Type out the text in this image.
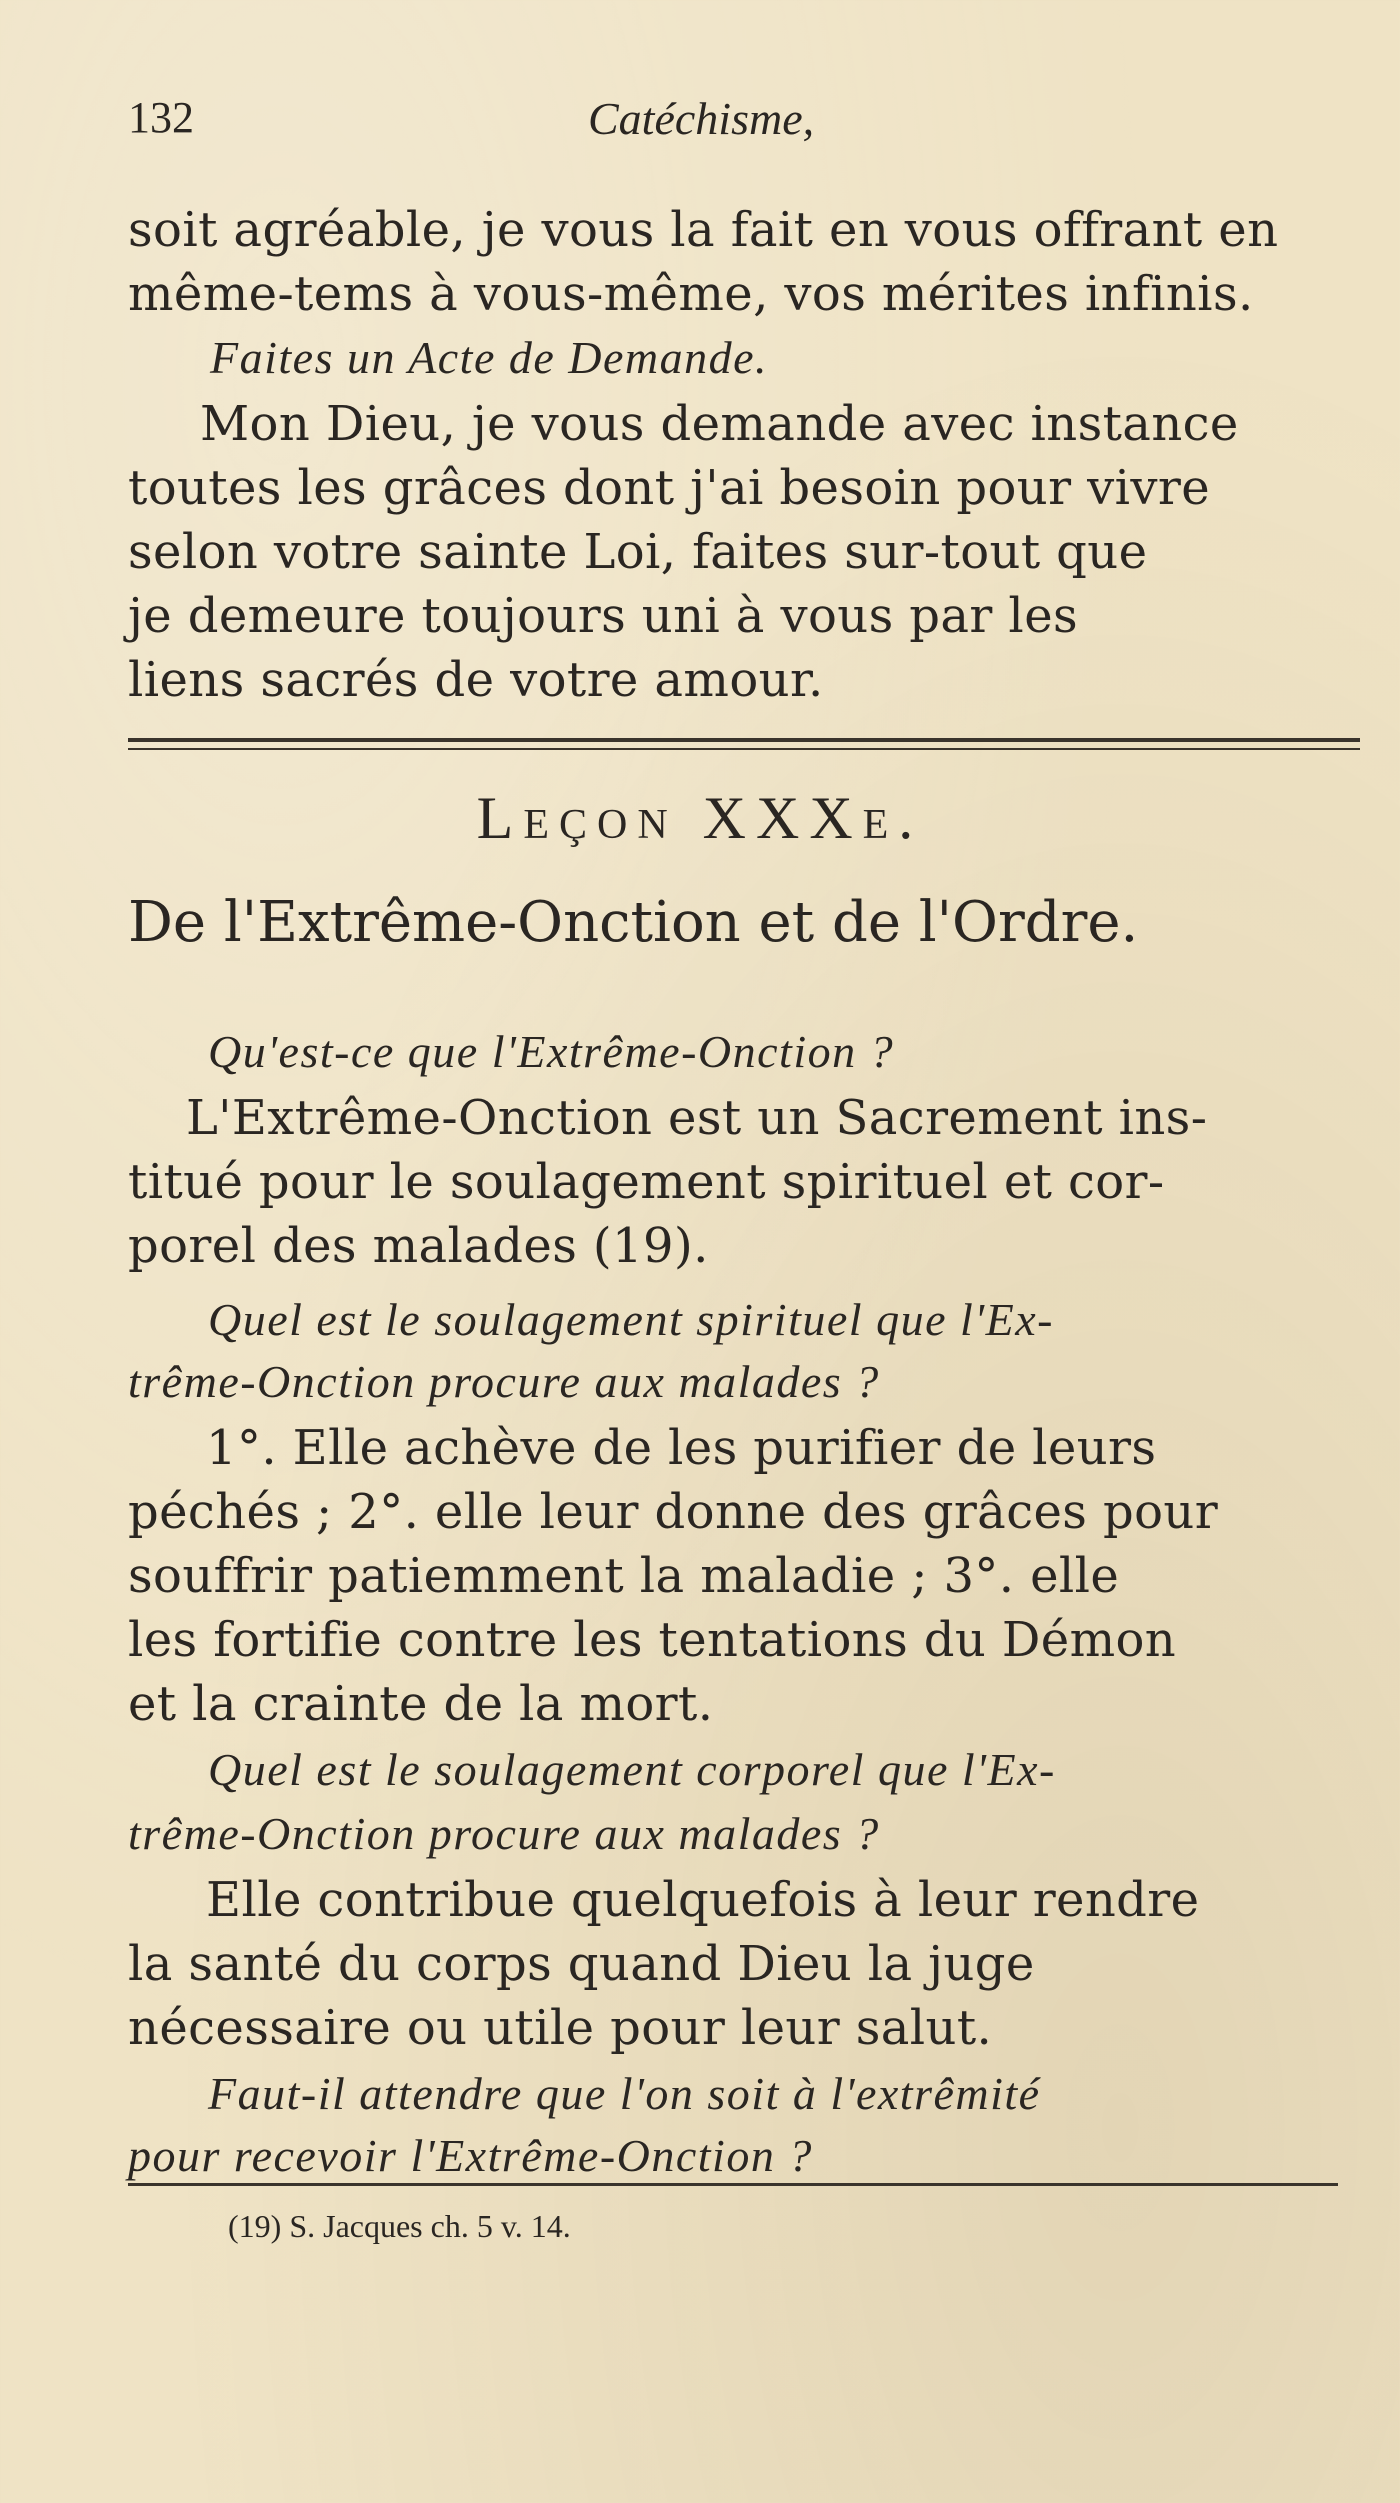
132	Catéchisme,
soit agréable, je vous la fait en vous offrant en
même-tems à vous-même, vos mérites infinis.
Faites un Acte de Demande.
Mon Dieu, je vous demande avec instance
toutes les grâces dont j'ai besoin pour vivre
selon votre sainte Loi, faites sur-tout que
je demeure toujours uni à vous par les
liens sacrés de votre amour.
Leçon XXXe.
De l'Extrême-Onction et de l'Ordre.
Qu'est-ce que l'Extrême-Onction ?
L'Extrême-Onction est un Sacrement ins-
titué pour le soulagement spirituel et cor-
porel des malades (19).
Quel est le soulagement spirituel que l'Ex-
trême-Onction procure aux malades ?
1°. Elle achève de les purifier de leurs
péchés ; 2°. elle leur donne des grâces pour
souffrir patiemment la maladie ; 3°. elle
les fortifie contre les tentations du Démon
et la crainte de la mort.
Quel est le soulagement corporel que l'Ex-
trême-Onction procure aux malades ?
Elle contribue quelquefois à leur rendre
la santé du corps quand Dieu la juge
nécessaire ou utile pour leur salut.
Faut-il attendre que l'on soit à l'extrêmité
pour recevoir l'Extrême-Onction ?
(19) S. Jacques ch. 5 v. 14.
